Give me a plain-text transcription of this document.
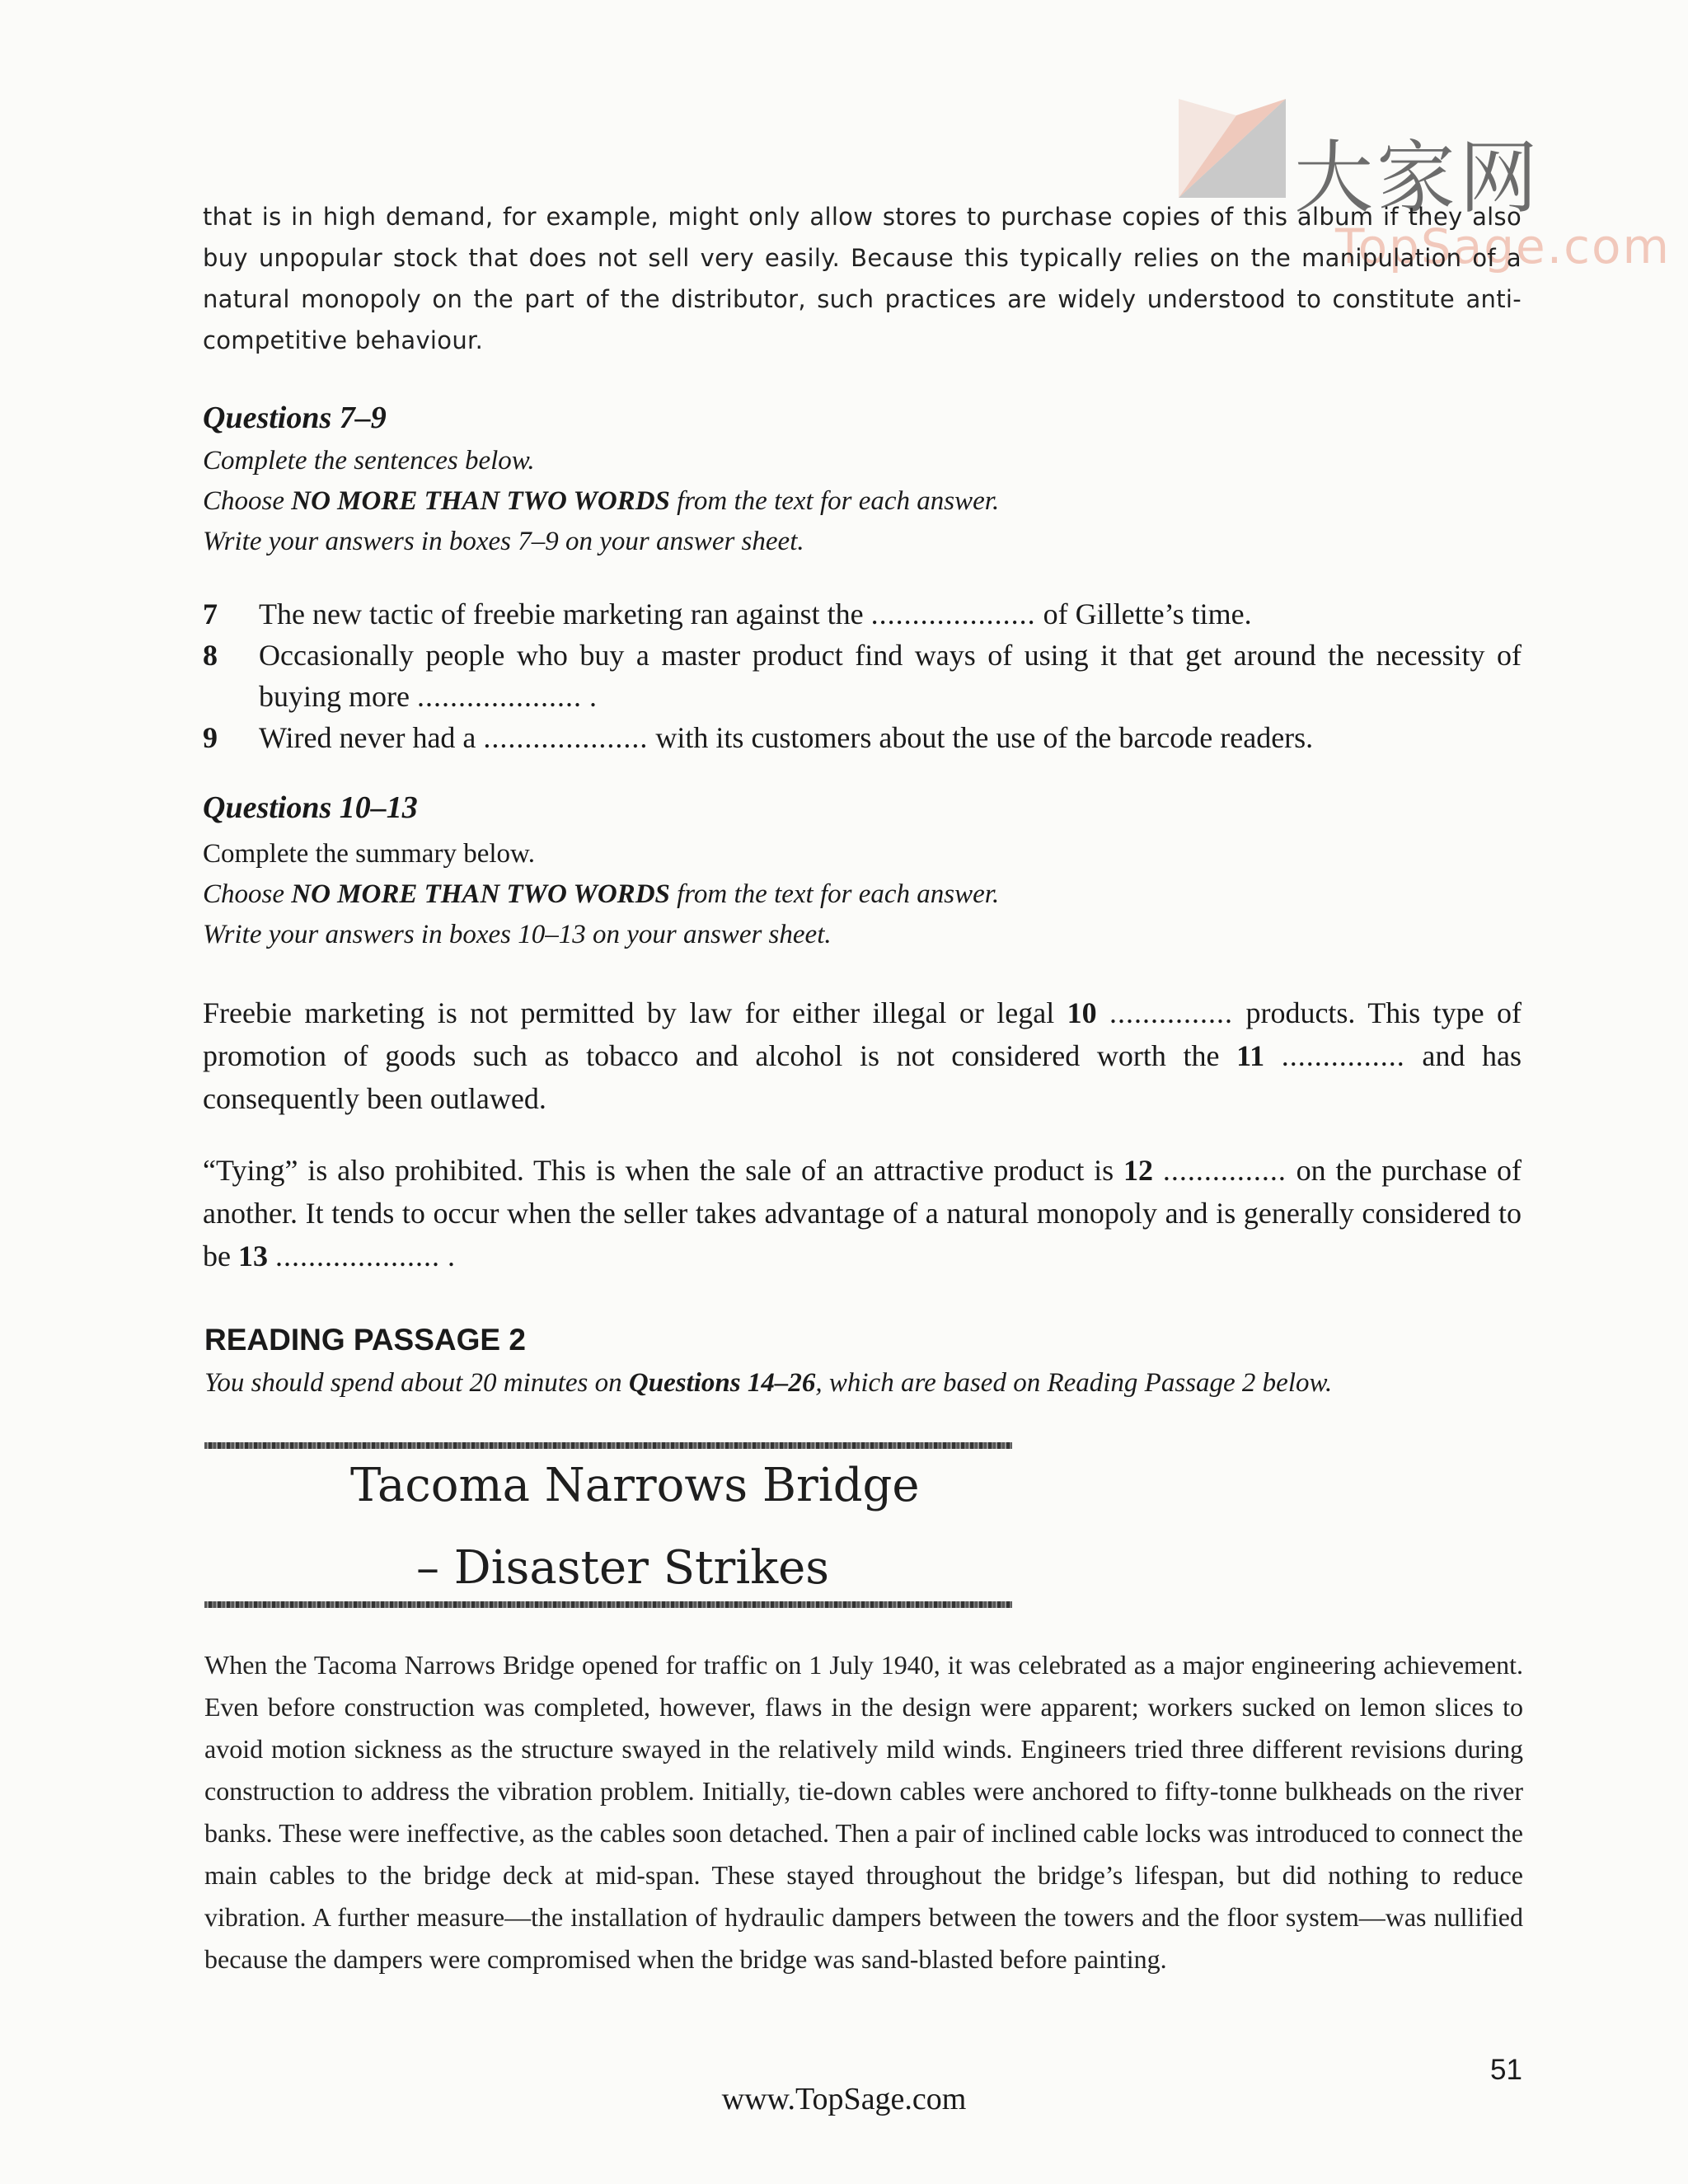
大家网
TopSage.com
that is in high demand, for example, might only allow stores to purchase copies of this album if they also buy unpopular stock that does not sell very easily. Because this typically relies on the manipulation of a natural monopoly on the part of the distributor, such practices are widely understood to constitute anti-competitive behaviour.
Questions 7–9
Complete the sentences below.
Choose NO MORE THAN TWO WORDS from the text for each answer.
Write your answers in boxes 7–9 on your answer sheet.
7	The new tactic of freebie marketing ran against the .................... of Gillette’s time.
8	Occasionally people who buy a master product find ways of using it that get around the necessity of buying more .................... .
9	Wired never had a .................... with its customers about the use of the barcode readers.
Questions 10–13
Complete the summary below.
Choose NO MORE THAN TWO WORDS from the text for each answer.
Write your answers in boxes 10–13 on your answer sheet.
Freebie marketing is not permitted by law for either illegal or legal 10 ............... products. This type of promotion of goods such as tobacco and alcohol is not considered worth the 11 ............... and has consequently been outlawed.
“Tying” is also prohibited. This is when the sale of an attractive product is 12 ............... on the purchase of another. It tends to occur when the seller takes advantage of a natural monopoly and is generally considered to be 13 .................... .
READING PASSAGE 2
You should spend about 20 minutes on Questions 14–26, which are based on Reading Passage 2 below.
Tacoma Narrows Bridge
– Disaster Strikes
When the Tacoma Narrows Bridge opened for traffic on 1 July 1940, it was celebrated as a major engineering achievement. Even before construction was completed, however, flaws in the design were apparent; workers sucked on lemon slices to avoid motion sickness as the structure swayed in the relatively mild winds. Engineers tried three different revisions during construction to address the vibration problem. Initially, tie-down cables were anchored to fifty-tonne bulkheads on the river banks. These were ineffective, as the cables soon detached. Then a pair of inclined cable locks was introduced to connect the main cables to the bridge deck at mid-span. These stayed throughout the bridge’s lifespan, but did nothing to reduce vibration. A further measure—the installation of hydraulic dampers between the towers and the floor system—was nullified because the dampers were compromised when the bridge was sand-blasted before painting.
51
www.TopSage.com
